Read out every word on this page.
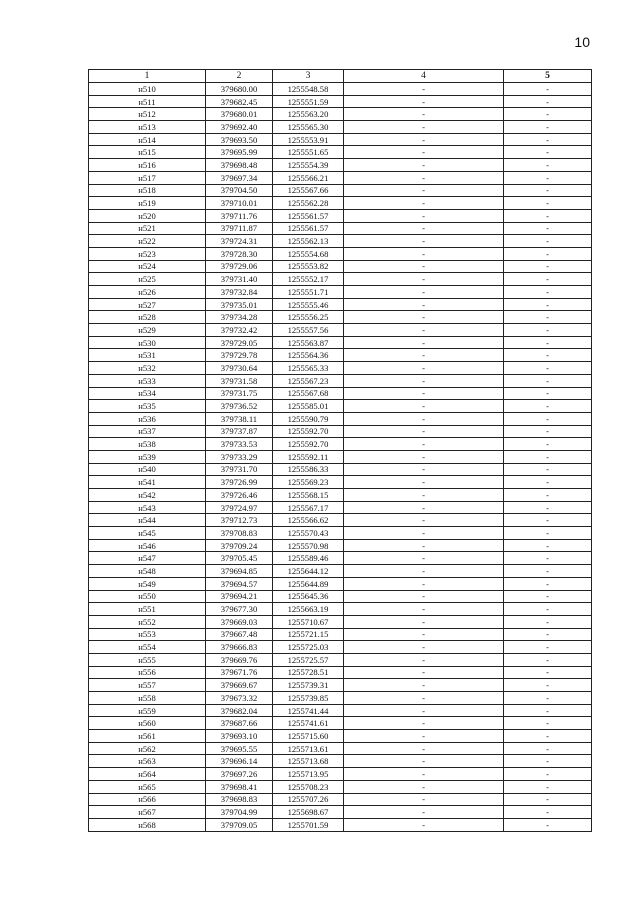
10
1	2	3	4	5
н510	379680.00	1255548.58	-	-
н511	379682.45	1255551.59	-	-
н512	379680.01	1255563.20	-	-
н513	379692.40	1255565.30	-	-
н514	379693.50	1255553.91	-	-
н515	379695.99	1255551.65	-	-
н516	379698.48	1255554.39	-	-
н517	379697.34	1255566.21	-	-
н518	379704.50	1255567.66	-	-
н519	379710.01	1255562.28	-	-
н520	379711.76	1255561.57	-	-
н521	379711.87	1255561.57	-	-
н522	379724.31	1255562.13	-	-
н523	379728.30	1255554.68	-	-
н524	379729.06	1255553.82	-	-
н525	379731.40	1255552.17	-	-
н526	379732.84	1255551.71	-	-
н527	379735.01	1255555.46	-	-
н528	379734.28	1255556.25	-	-
н529	379732.42	1255557.56	-	-
н530	379729.05	1255563.87	-	-
н531	379729.78	1255564.36	-	-
н532	379730.64	1255565.33	-	-
н533	379731.58	1255567.23	-	-
н534	379731.75	1255567.68	-	-
н535	379736.52	1255585.01	-	-
н536	379738.11	1255590.79	-	-
н537	379737.87	1255592.70	-	-
н538	379733.53	1255592.70	-	-
н539	379733.29	1255592.11	-	-
н540	379731.70	1255586.33	-	-
н541	379726.99	1255569.23	-	-
н542	379726.46	1255568.15	-	-
н543	379724.97	1255567.17	-	-
н544	379712.73	1255566.62	-	-
н545	379708.83	1255570.43	-	-
н546	379709.24	1255570.98	-	-
н547	379705.45	1255589.46	-	-
н548	379694.85	1255644.12	-	-
н549	379694.57	1255644.89	-	-
н550	379694.21	1255645.36	-	-
н551	379677.30	1255663.19	-	-
н552	379669.03	1255710.67	-	-
н553	379667.48	1255721.15	-	-
н554	379666.83	1255725.03	-	-
н555	379669.76	1255725.57	-	-
н556	379671.76	1255728.51	-	-
н557	379669.67	1255739.31	-	-
н558	379673.32	1255739.85	-	-
н559	379682.04	1255741.44	-	-
н560	379687.66	1255741.61	-	-
н561	379693.10	1255715.60	-	-
н562	379695.55	1255713.61	-	-
н563	379696.14	1255713.68	-	-
н564	379697.26	1255713.95	-	-
н565	379698.41	1255708.23	-	-
н566	379698.83	1255707.26	-	-
н567	379704.99	1255698.67	-	-
н568	379709.05	1255701.59	-	-
